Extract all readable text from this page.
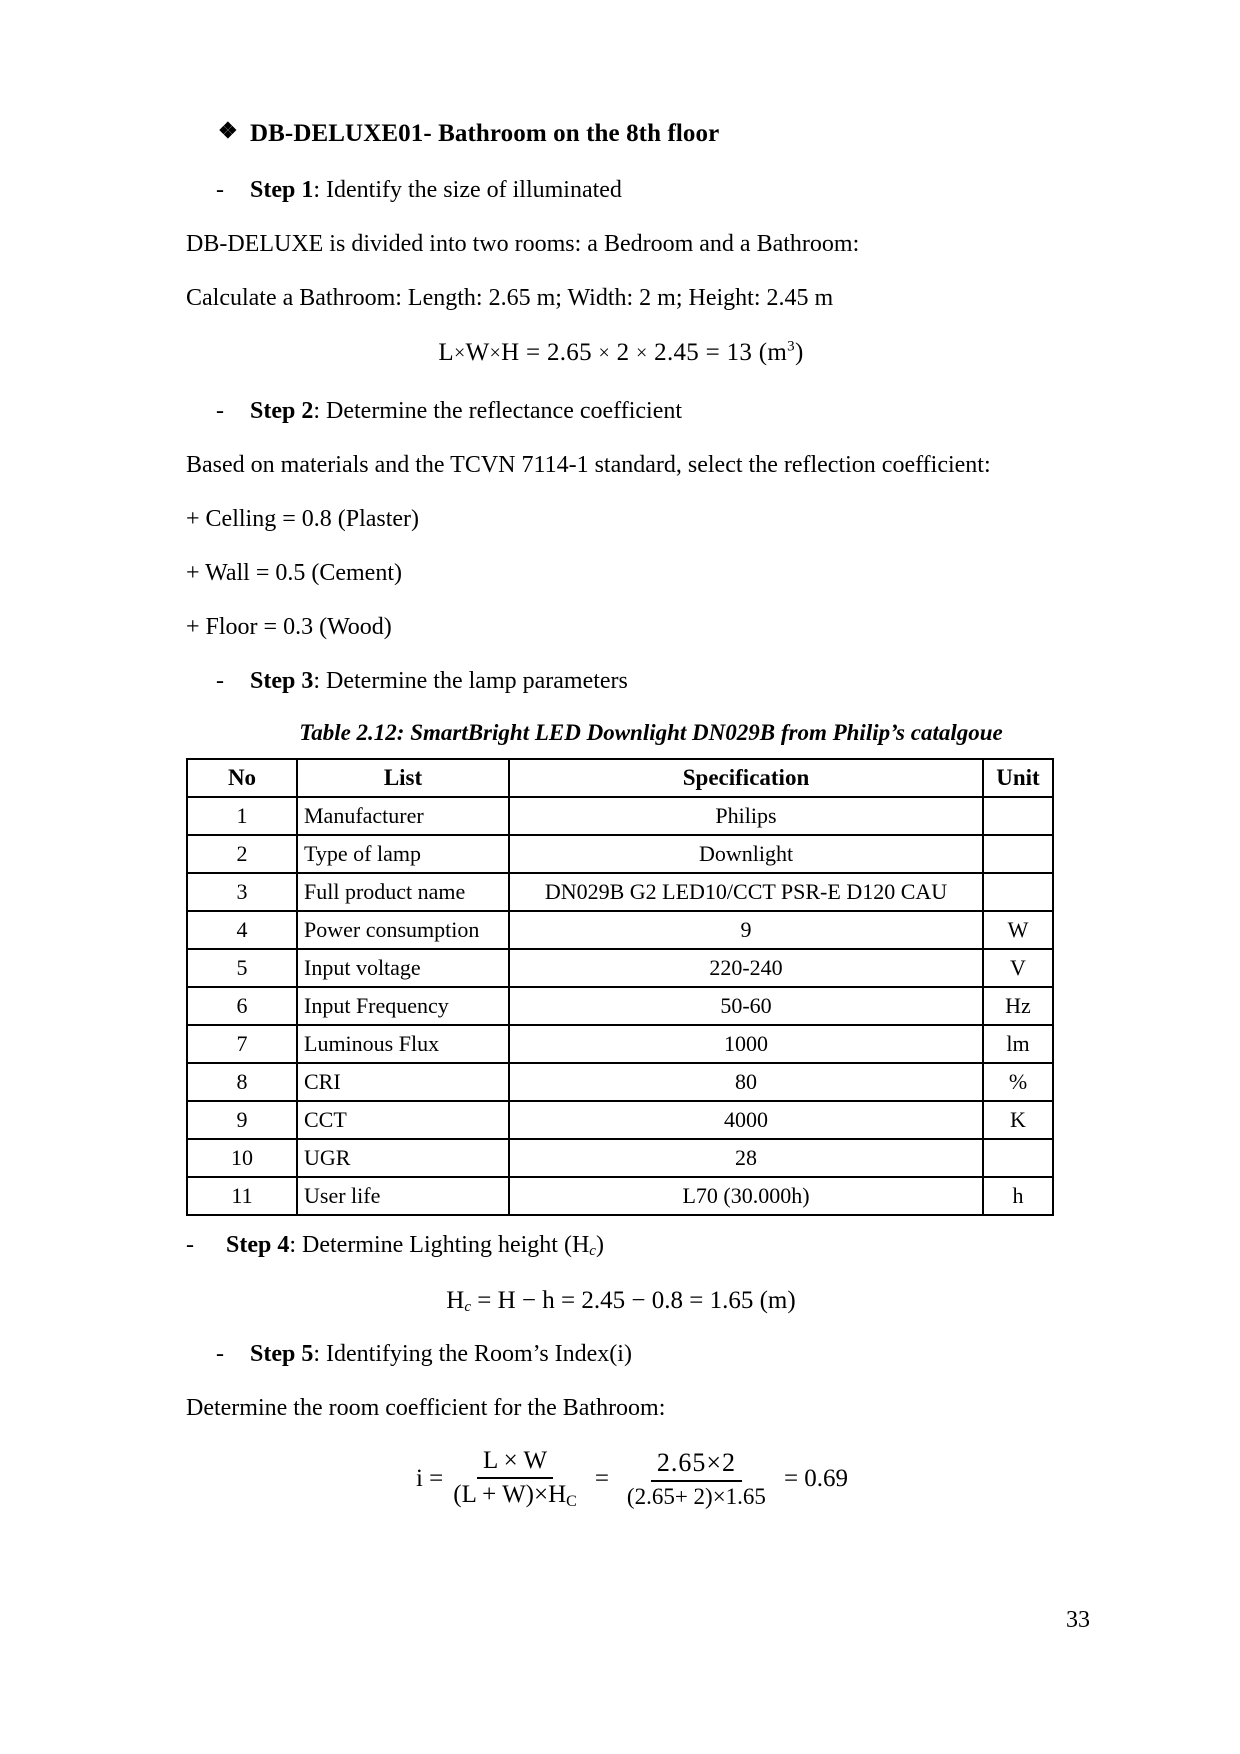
❖ DB-DELUXE01- Bathroom on the 8th floor
- Step 1: Identify the size of illuminated
DB-DELUXE is divided into two rooms: a Bedroom and a Bathroom:
Calculate a Bathroom: Length: 2.65 m; Width: 2 m; Height: 2.45 m
L×W×H = 2.65 × 2 × 2.45 = 13 $(m^3)$
- Step 2: Determine the reflectance coefficient
Based on materials and the TCVN 7114-1 standard, select the reflection coefficient:
+ Celling = 0.8 (Plaster)
+ Wall = 0.5 (Cement)
+ Floor = 0.3 (Wood)
- Step 3: Determine the lamp parameters
Table 2.12: SmartBright LED Downlight DN029B from Philip’s catalgoue
No	List	Specification	Unit
1	Manufacturer	Philips	
2	Type of lamp	Downlight	
3	Full product name	DN029B G2 LED10/CCT PSR-E D120 CAU	
4	Power consumption	9	W
5	Input voltage	220-240	V
6	Input Frequency	50-60	Hz
7	Luminous Flux	1000	lm
8	CRI	80	%
9	CCT	4000	K
10	UGR	28	
11	User life	L70 (30.000h)	h
- Step 4: Determine Lighting height $(H_c)$
$H_c = H - h = 2.45 - 0.8 = 1.65$ (m)
- Step 5: Identifying the Room’s Index(i)
Determine the room coefficient for the Bathroom:
$i = \frac{L \times W}{(L + W)\times H_C} = \frac{2.65\times 2}{(2.65+ 2)\times 1.65} = 0.69$
33
